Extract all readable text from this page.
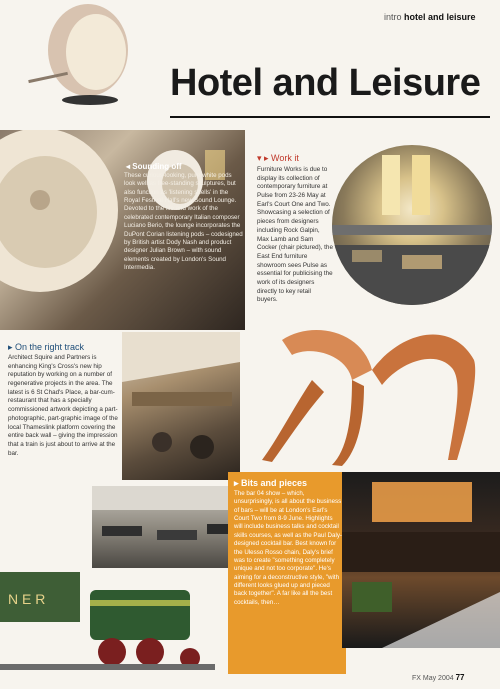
intro hotel and leisure
Hotel and Leisure
◂ Sounding off

These curious-looking, pure white pods look well as free-standing sculptures, but also function as 'listening shells' in the Royal Festival Hall's new Sound Lounge. Devoted to the life and work of the celebrated contemporary Italian composer Luciano Berio, the lounge incorporates the DuPont Corian listening pods – codesigned by British artist Dody Nash and product designer Julian Brown – with sound elements created by London's Sound Intermedia.

▾ ▸ Work it

Furniture Works is due to display its collection of contemporary furniture at Pulse from 23-26 May at Earl's Court One and Two. Showcasing a selection of pieces from designers including Rock Galpin, Max Lamb and Sam Cocker (chair pictured), the East End furniture showroom sees Pulse as essential for publicising the work of its designers directly to key retail buyers.

▸ On the right track

Architect Squire and Partners is enhancing King's Cross's new hip reputation by working on a number of regenerative projects in the area. The latest is 6 St Chad's Place, a bar-cum-restaurant that has a specially commissioned artwork depicting a part-photographic, part-graphic image of the local Thameslink platform covering the entire back wall – giving the impression that a train is just about to arrive at the bar.

N E R
▸ Bits and pieces

The bar 04 show – which, unsurprisingly, is all about the business of bars – will be at London's Earl's Court Two from 8-9 June. Highlights will include business talks and cocktail skills courses, as well as the Paul Daly-designed cocktail bar. Best known for the Ulesso Rosso chain, Daly's brief was to create "something completely unique and not too corporate". He's aiming for a deconstructive style, "with different looks glued up and pieced back together". A far like all the best cocktails, then…

FX May 2004 77
